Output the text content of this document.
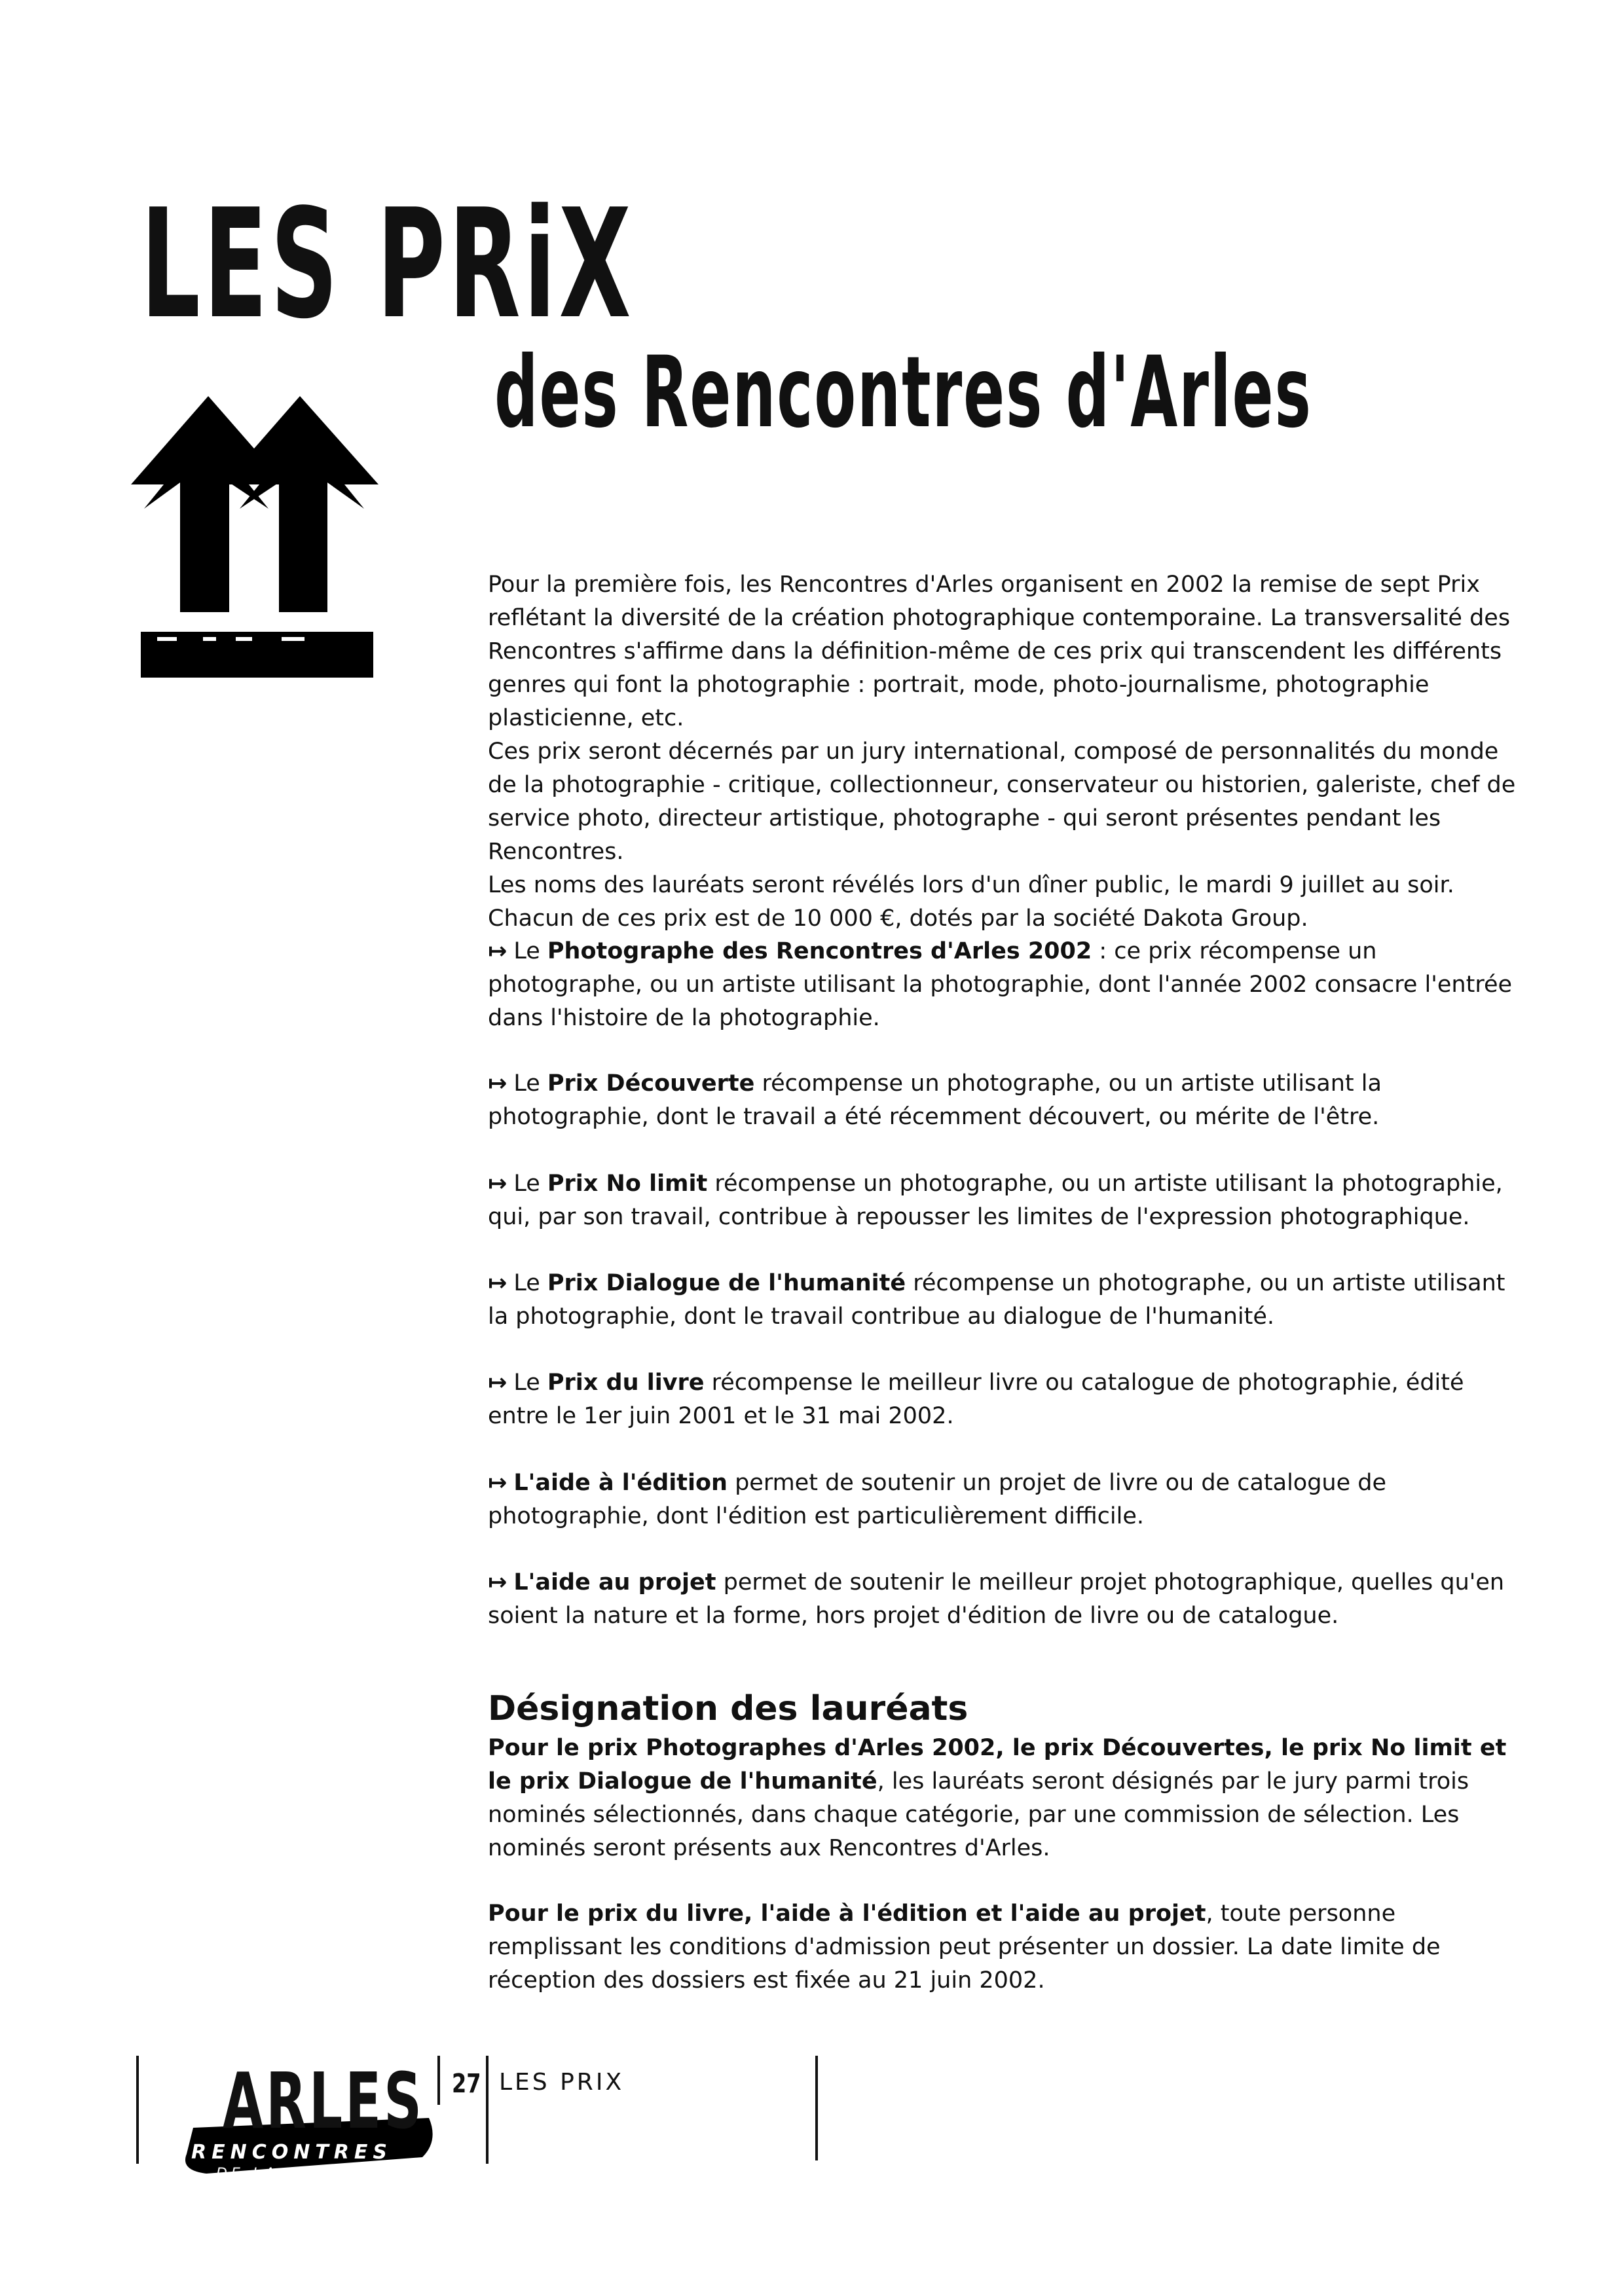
LES PRiX
des Rencontres d'Arles

Pour la première fois, les Rencontres d'Arles organisent en 2002 la remise de sept Prix reflétant la diversité de la création photographique contemporaine. La transversalité des Rencontres s'affirme dans la définition-même de ces prix qui transcendent les différents genres qui font la photographie : portrait, mode, photo-journalisme, photographie plasticienne, etc.

Ces prix seront décernés par un jury international, composé de personnalités du monde de la photographie - critique, collectionneur, conservateur ou historien, galeriste, chef de service photo, directeur artistique, photographe - qui seront présentes pendant les Rencontres.

Les noms des lauréats seront révélés lors d'un dîner public, le mardi 9 juillet au soir.

Chacun de ces prix est de 10 000 €, dotés par la société Dakota Group.

↦ Le Photographe des Rencontres d'Arles 2002 : ce prix récompense un photographe, ou un artiste utilisant la photographie, dont l'année 2002 consacre l'entrée dans l'histoire de la photographie.
↦ Le Prix Découverte récompense un photographe, ou un artiste utilisant la photographie, dont le travail a été récemment découvert, ou mérite de l'être.
↦ Le Prix No limit récompense un photographe, ou un artiste utilisant la photographie, qui, par son travail, contribue à repousser les limites de l'expression photographique.
↦ Le Prix Dialogue de l'humanité récompense un photographe, ou un artiste utilisant la photographie, dont le travail contribue au dialogue de l'humanité.
↦ Le Prix du livre récompense le meilleur livre ou catalogue de photographie, édité entre le 1er juin 2001 et le 31 mai 2002.
↦ L'aide à l'édition permet de soutenir un projet de livre ou de catalogue de photographie, dont l'édition est particulièrement difficile.
↦ L'aide au projet permet de soutenir le meilleur projet photographique, quelles qu'en soient la nature et la forme, hors projet d'édition de livre ou de catalogue.
Désignation des lauréats
Pour le prix Photographes d'Arles 2002, le prix Découvertes, le prix No limit et le prix Dialogue de l'humanité, les lauréats seront désignés par le jury parmi trois nominés sélectionnés, dans chaque catégorie, par une commission de sélection. Les nominés seront présents aux Rencontres d'Arles.
Pour le prix du livre, l'aide à l'édition et l'aide au projet, toute personne remplissant les conditions d'admission peut présenter un dossier. La date limite de réception des dossiers est fixée au 21 juin 2002.
ARLES
RENCONTRES
DE LA PHOTOGRAPHIE
2002
27 LES PRIX
